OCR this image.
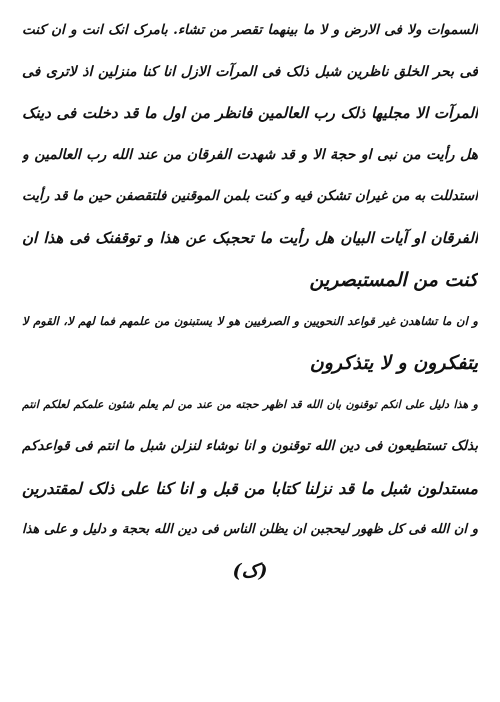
السموات ولا فى الارض و لا ما بينهما تقصر من تشاء. بامرک انک انت و ان کنت
فى بحر الخلق ناظرين شبل ذلک فى المرآت الازل انا کنا منزلين اذ لاترى فى
المرآت الا مجليها ذلک رب العالمين فانظر من اول ما قد دخلت فى دينک
هل رأيت من نبى او حجة الا و قد شهدت الفرقان من عند الله رب العالمين و
استدللت به من غيران تشکن فيه و کنت بلمن الموقنين فلتقصفن حين ما قد رأيت
الفرقان او آيات البيان هل رأيت ما تحجبک عن هذا و توقفنک فى هذا ان
کنت من المستبصرين
و ان ما تشاهدن غير قواعد النحويين و الصرفيين هو لا يستبنون من علمهم فما لهم لا، القوم لا
يتفکرون و لا يتذکرون
و هذا دليل على انکم توقنون بان الله قد اظهر حجته من عند من لم يعلم شئون علمکم لعلکم انتم
بذلک تستطيعون فى دين الله توقنون و انا نوشاء لنزلن شبل ما انتم فى قواعدکم
مستدلون شبل ما قد نزلنا کتابا من قبل و انا کنا على ذلک لمقتدرين
و ان الله فى کل ظهور ليحجبن ان يظلن الناس فى دين الله بحجة و دليل و على هذا
(ک)
